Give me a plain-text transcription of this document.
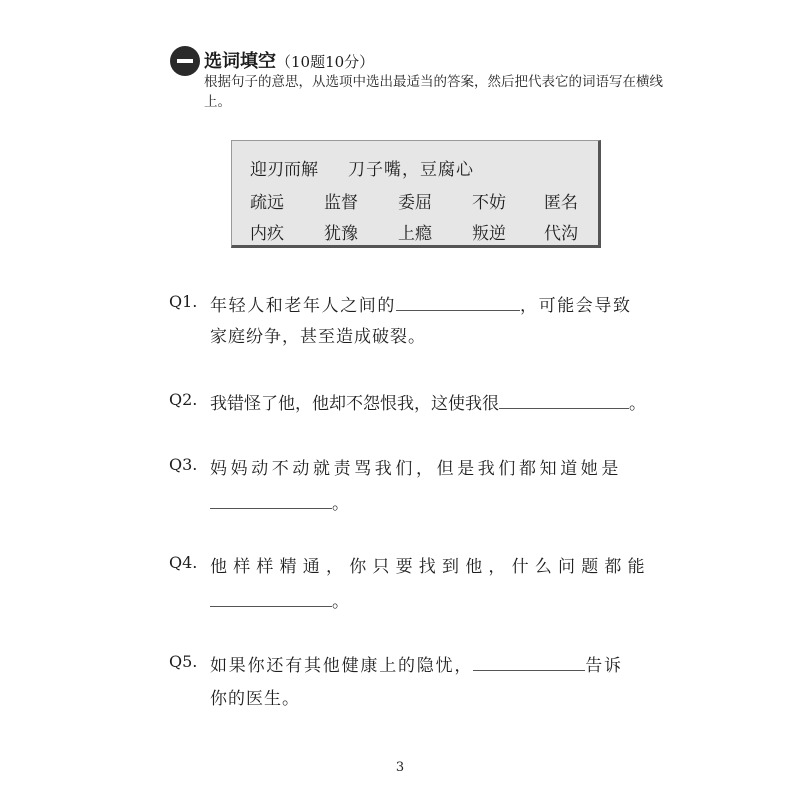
选词填空（10题10分）
根据句子的意思，从选项中选出最适当的答案，然后把代表它的词语写在横线上。
迎刃而解 刀子嘴，豆腐心
疏远 监督 委屈 不妨 匿名
内疚 犹豫 上瘾 叛逆 代沟
Q1. 年轻人和老年人之间的	，可能会导致
家庭纷争，甚至造成破裂。
Q2. 我错怪了他，他却不怨恨我，这使我很	。
Q3. 妈妈动不动就责骂我们，但是我们都知道她是
。
Q4. 他样样精通，你只要找到他，什么问题都能
。
Q5. 如果你还有其他健康上的隐忧，	告诉
你的医生。
3
